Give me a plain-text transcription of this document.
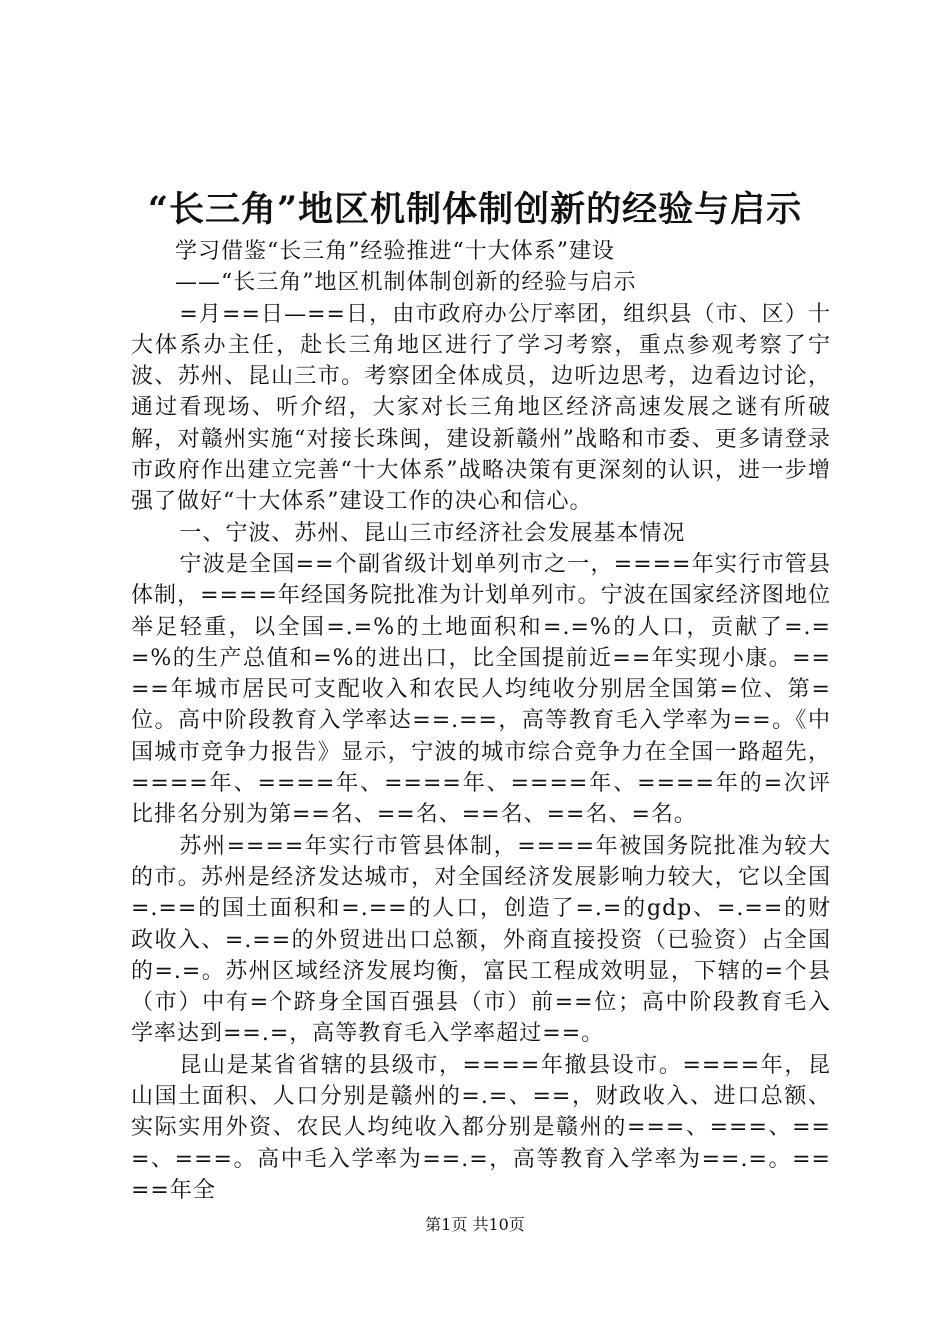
“长三角”地区机制体制创新的经验与启示

学习借鉴“长三角”经验推进“十大体系”建设

——“长三角”地区机制体制创新的经验与启示

=月==日—==日，由市政府办公厅率团，组织县（市、区）十大体系办主任，赴长三角地区进行了学习考察，重点参观考察了宁波、苏州、昆山三市。考察团全体成员，边听边思考，边看边讨论，通过看现场、听介绍，大家对长三角地区经济高速发展之谜有所破解，对赣州实施“对接长珠闽，建设新赣州”战略和市委、更多请登录市政府作出建立完善“十大体系”战略决策有更深刻的认识，进一步增强了做好“十大体系”建设工作的决心和信心。

一、宁波、苏州、昆山三市经济社会发展基本情况

宁波是全国==个副省级计划单列市之一，====年实行市管县体制，====年经国务院批准为计划单列市。宁波在国家经济图地位举足轻重，以全国=.=%的土地面积和=.=%的人口，贡献了=.==%的生产总值和=%的进出口，比全国提前近==年实现小康。====年城市居民可支配收入和农民人均纯收分别居全国第=位、第=位。高中阶段教育入学率达==.==，高等教育毛入学率为==。《中国城市竞争力报告》显示，宁波的城市综合竞争力在全国一路超先，====年、====年、====年、====年、====年的=次评比排名分别为第==名、==名、==名、==名、=名。

苏州====年实行市管县体制，====年被国务院批准为较大的市。苏州是经济发达城市，对全国经济发展影响力较大，它以全国=.==的国土面积和=.==的人口，创造了=.=的gdp、=.==的财政收入、=.==的外贸进出口总额，外商直接投资（已验资）占全国的=.=。苏州区域经济发展均衡，富民工程成效明显，下辖的=个县（市）中有=个跻身全国百强县（市）前==位；高中阶段教育毛入学率达到==.=，高等教育毛入学率超过==。

昆山是某省省辖的县级市，====年撤县设市。====年，昆山国土面积、人口分别是赣州的=.=、==，财政收入、进口总额、实际实用外资、农民人均纯收入都分别是赣州的===、===、===、===。高中毛入学率为==.=，高等教育入学率为==.=。====年全

第1页 共10页
